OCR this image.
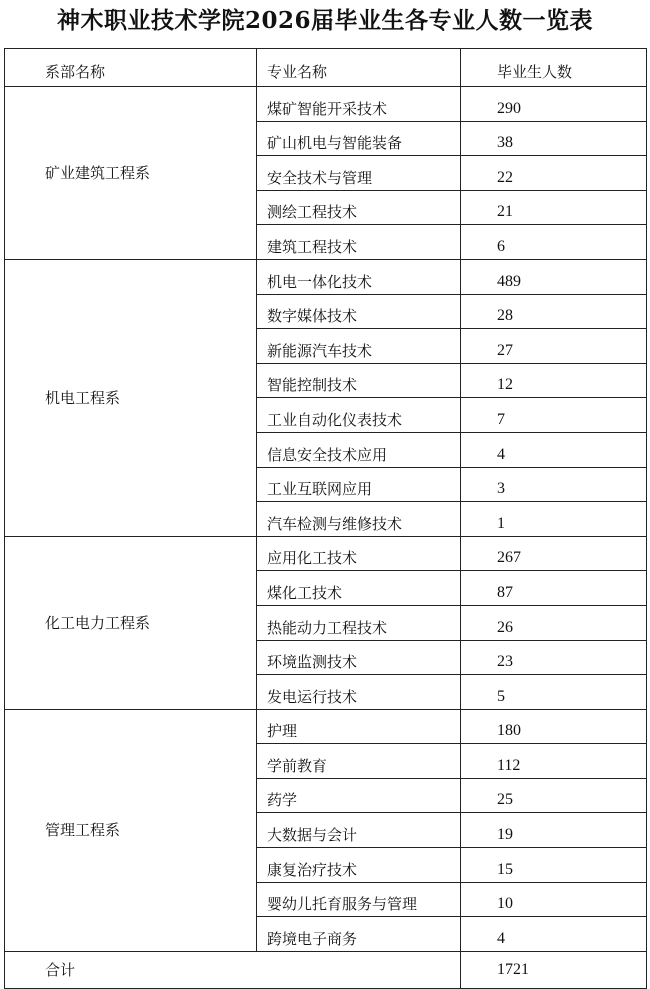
神木职业技术学院2026届毕业生各专业人数一览表
系部名称	专业名称	毕业生人数
矿业建筑工程系	煤矿智能开采技术	290
	矿山机电与智能装备	38
	安全技术与管理	22
	测绘工程技术	21
	建筑工程技术	6
机电工程系	机电一体化技术	489
	数字媒体技术	28
	新能源汽车技术	27
	智能控制技术	12
	工业自动化仪表技术	7
	信息安全技术应用	4
	工业互联网应用	3
	汽车检测与维修技术	1
化工电力工程系	应用化工技术	267
	煤化工技术	87
	热能动力工程技术	26
	环境监测技术	23
	发电运行技术	5
管理工程系	护理	180
	学前教育	112
	药学	25
	大数据与会计	19
	康复治疗技术	15
	婴幼儿托育服务与管理	10
	跨境电子商务	4
合计		1721
